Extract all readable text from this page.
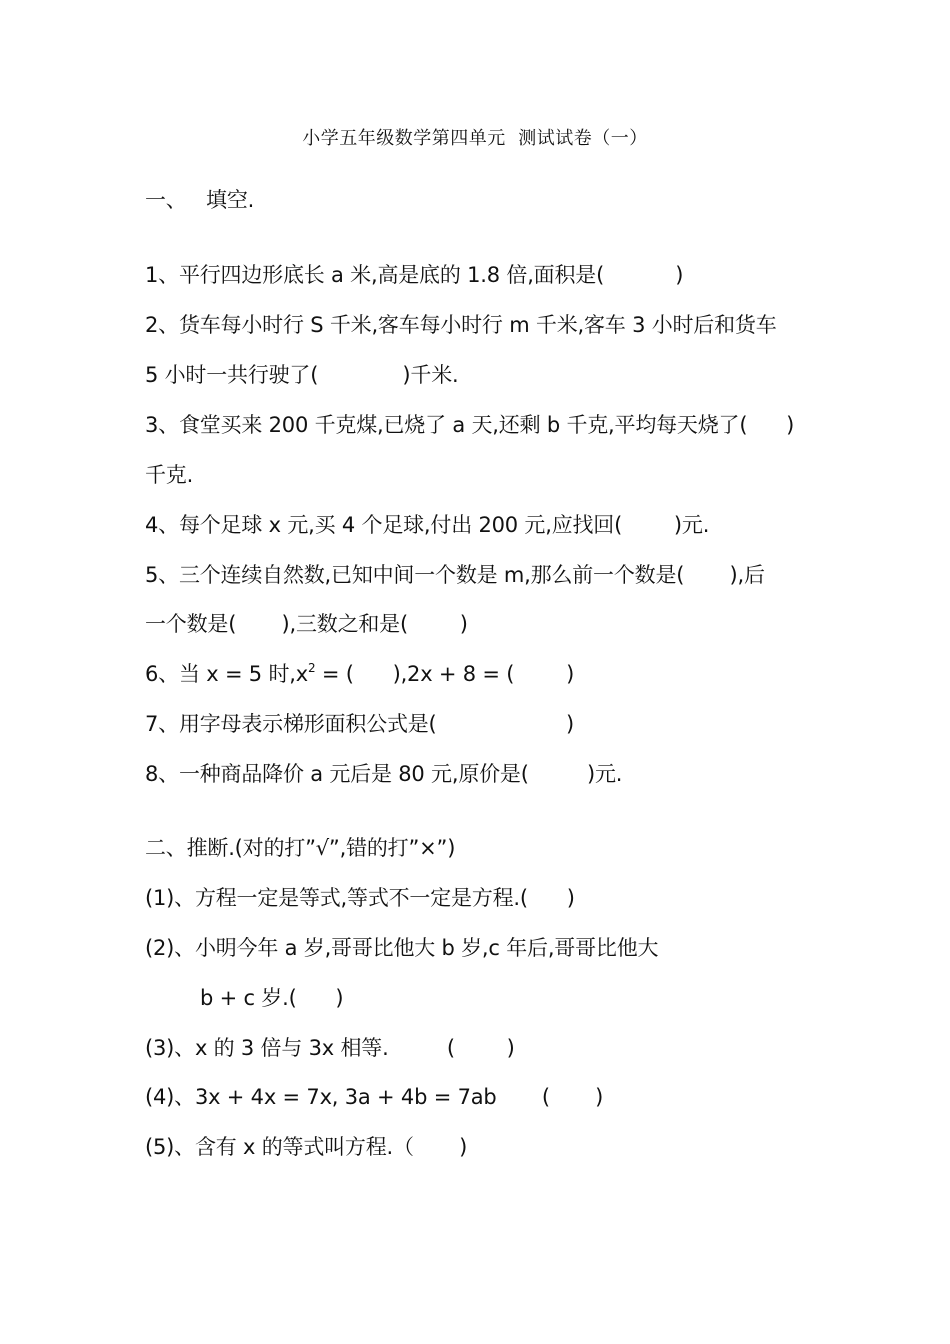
小学五年级数学第四单元  测试试卷（一）
一、   填空.
1、平行四边形底长 a 米,高是底的 1.8 倍,面积是(           )
2、货车每小时行 S 千米,客车每小时行 m 千米,客车 3 小时后和货车
5 小时一共行驶了(             )千米.
3、食堂买来 200 千克煤,已烧了 a 天,还剩 b 千克,平均每天烧了(      )
千克.
4、每个足球 x 元,买 4 个足球,付出 200 元,应找回(        )元.
5、三个连续自然数,已知中间一个数是 m,那么前一个数是(       ),后
一个数是(       ),三数之和是(        )
6、当 x = 5 时$,x^2$ = (      ),2x + 8 = (        )
7、用字母表示梯形面积公式是(                    )
8、一种商品降价 a 元后是 80 元,原价是(         )元.
二、推断.(对的打”√”,错的打”×”)
(1)、方程一定是等式,等式不一定是方程.(      )
(2)、小明今年 a 岁,哥哥比他大 b 岁,c 年后,哥哥比他大
b + c 岁.(      )
(3)、x 的 3 倍与 3x 相等.         (        )
(4)、3x + 4x = 7x, 3a + 4b = 7ab       (       )
(5)、含有 x 的等式叫方程.（       )
